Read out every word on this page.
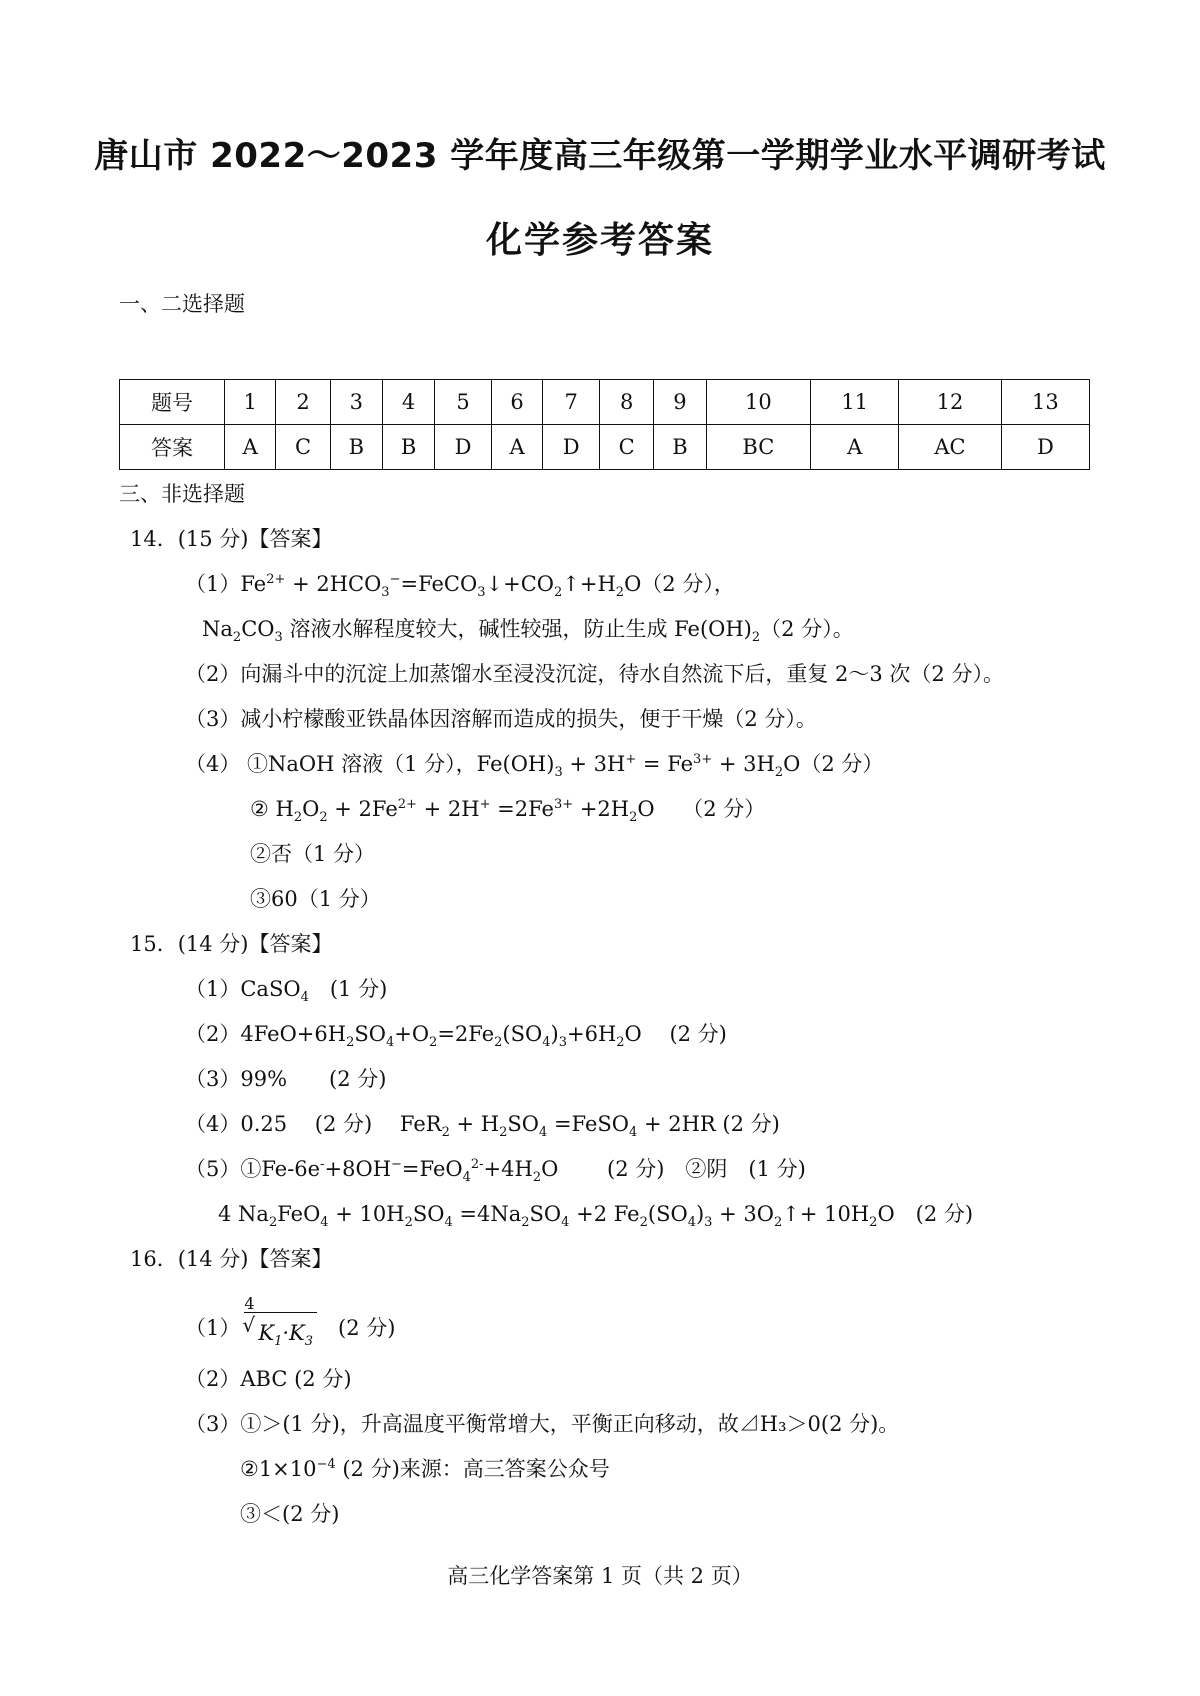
唐山市 2022～2023 学年度高三年级第一学期学业水平调研考试
化学参考答案
一、二选择题
题号	1	2	3	4	5	6	7	8	9	10	11	12	13
答案	A	C	B	B	D	A	D	C	B	BC	A	AC	D
三、非选择题
14．(15 分)【答案】
$(1)Fe^{2+}$ + $2HCO_3^-=FeCO_3↓+CO_2↑+H_2O(2$ 分），
$Na_2CO_3$ 溶液水解程度较大，碱性较强，防止生成 $Fe(OH)_2(2$ 分）。
（2）向漏斗中的沉淀上加蒸馏水至浸没沉淀，待水自然流下后，重复 2～3 次（2 分）。
（3）减小柠檬酸亚铁晶体因溶解而造成的损失，便于干燥（2 分）。
（4） ①NaOH 溶液（1 分），$Fe(OH)_3 + 3H^+ = Fe^{3+} + 3H_2O(2$ 分）
② $H_2O_2 + 2Fe^{2+} + 2H^+ =2Fe^{3+} +2H_2O$　 （2 分）
②否（1 分）
③60（1 分）
15．(14 分)【答案】
（1）CaSO$_4$　(1 分)
$(2)4FeO+6H_2SO_4+O_2=2Fe_2(SO_4)_3+6H_2O$　 (2 分)
（3）99%　　(2 分)
（4）0.25　 (2 分)　 $FeR_2 + H_2SO_4$ =FeSO$_4$ + 2HR (2 分)
$(5)①Fe-6e^-+8OH^-=FeO_4^{2-}+4H_2O$　　 (2 分)　②阴　(1 分)
4 $Na_2FeO_4 + 10H_2SO_4 =4Na_2SO_4 +2$ $Fe_2(SO_4)_3$ + $3O_2↑+ 10H_2O$　(2 分)
16．(14 分)【答案】
（1）
4
√ $K_1\cdot K_3$　(2 分)
（2）ABC (2 分)
（3）①＞(1 分)，升高温度平衡常增大，平衡正向移动，故⊿H₃＞0(2 分)。
$②1\times 10^{-4}$ (2 分)来源：高三答案公众号
③＜(2 分)
高三化学答案第 1 页（共 2 页）
